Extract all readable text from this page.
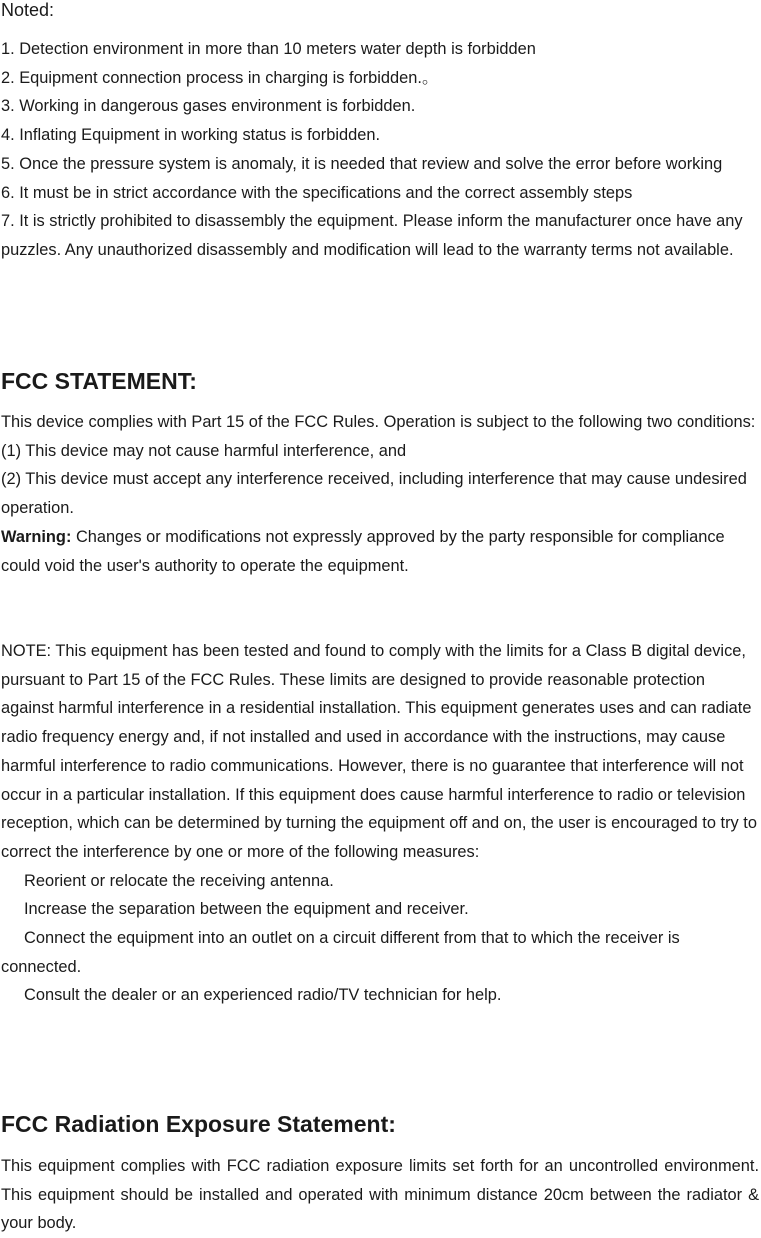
Noted:

1. Detection environment in more than 10 meters water depth is forbidden

2. Equipment connection process in charging is forbidden.。

3. Working in dangerous gases environment is forbidden.

4. Inflating Equipment in working status is forbidden.

5. Once the pressure system is anomaly, it is needed that review and solve the error before working

6. It must be in strict accordance with the specifications and the correct assembly steps

7. It is strictly prohibited to disassembly the equipment. Please inform the manufacturer once have any puzzles. Any unauthorized disassembly and modification will lead to the warranty terms not available.

FCC STATEMENT:

This device complies with Part 15 of the FCC Rules. Operation is subject to the following two conditions:

(1) This device may not cause harmful interference, and

(2) This device must accept any interference received, including interference that may cause undesired operation.

Warning: Changes or modifications not expressly approved by the party responsible for compliance could void the user's authority to operate the equipment.

NOTE: This equipment has been tested and found to comply with the limits for a Class B digital device, pursuant to Part 15 of the FCC Rules. These limits are designed to provide reasonable protection against harmful interference in a residential installation. This equipment generates uses and can radiate radio frequency energy and, if not installed and used in accordance with the instructions, may cause harmful interference to radio communications. However, there is no guarantee that interference will not occur in a particular installation. If this equipment does cause harmful interference to radio or television reception, which can be determined by turning the equipment off and on, the user is encouraged to try to correct the interference by one or more of the following measures:

Reorient or relocate the receiving antenna.

Increase the separation between the equipment and receiver.

Connect the equipment into an outlet on a circuit different from that to which the receiver is connected.

Consult the dealer or an experienced radio/TV technician for help.

FCC Radiation Exposure Statement:
This equipment complies with FCC radiation exposure limits set forth for an uncontrolled environment. This equipment should be installed and operated with minimum distance 20cm between the radiator & your body.
